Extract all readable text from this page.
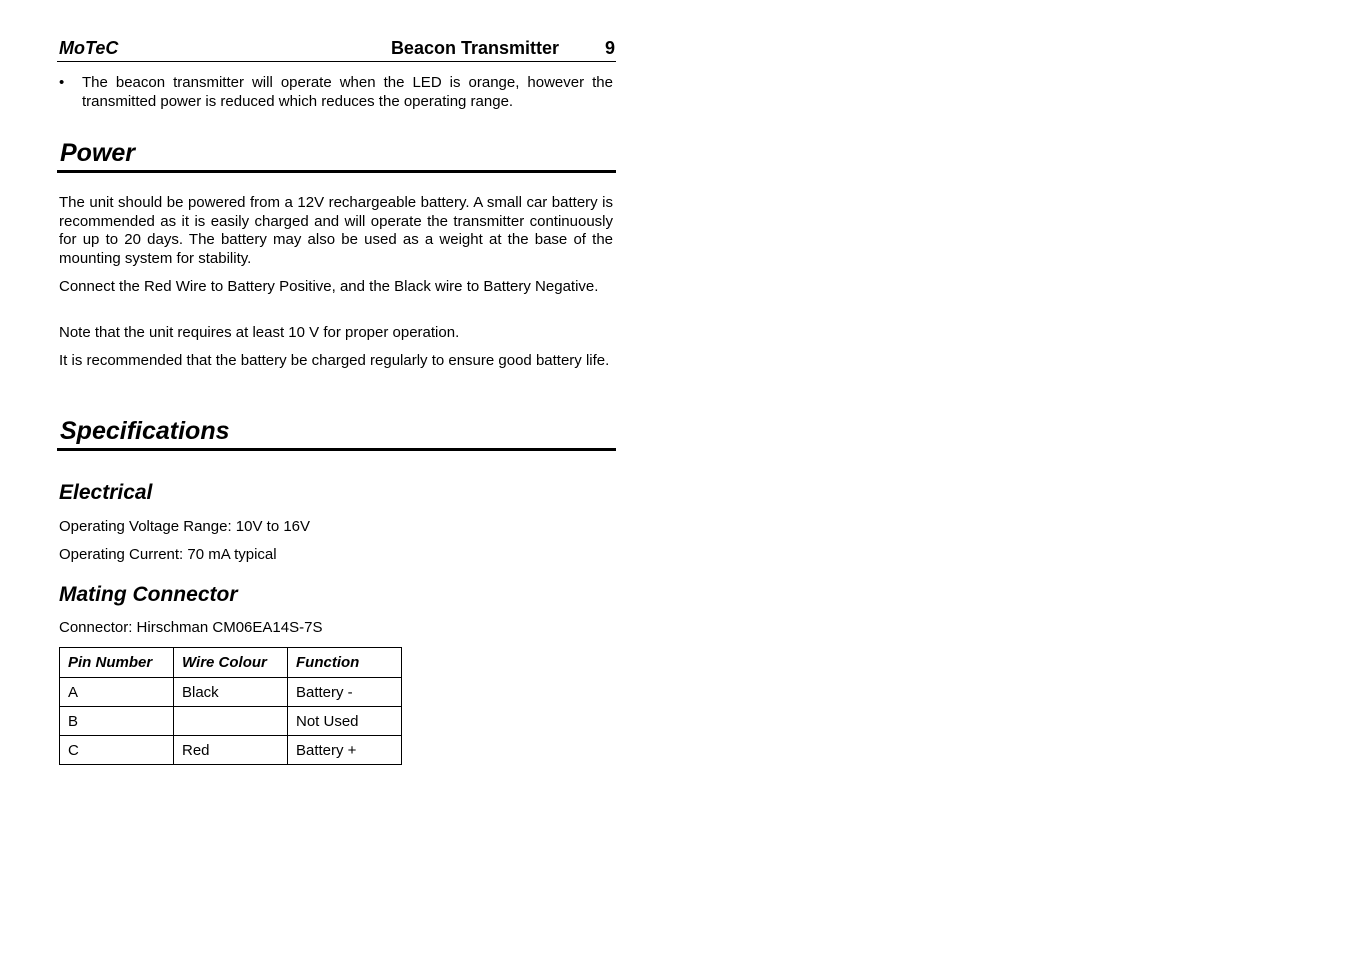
MoTeC	Beacon Transmitter	9
• The beacon transmitter will operate when the LED is orange, however the transmitted power is reduced which reduces the operating range.
Power

The unit should be powered from a 12V rechargeable battery. A small car battery is recommended as it is easily charged and will operate the transmitter continuously for up to 20 days. The battery may also be used as a weight at the base of the mounting system for stability.

Connect the Red Wire to Battery Positive, and the Black wire to Battery Negative.

Note that the unit requires at least 10 V for proper operation.

It is recommended that the battery be charged regularly to ensure good battery life.

Specifications
Electrical

Operating Voltage Range: 10V to 16V

Operating Current: 70 mA typical

Mating Connector

Connector: Hirschman CM06EA14S-7S

Pin Number	Wire Colour	Function
A	Black	Battery -
B		Not Used
C	Red	Battery +
